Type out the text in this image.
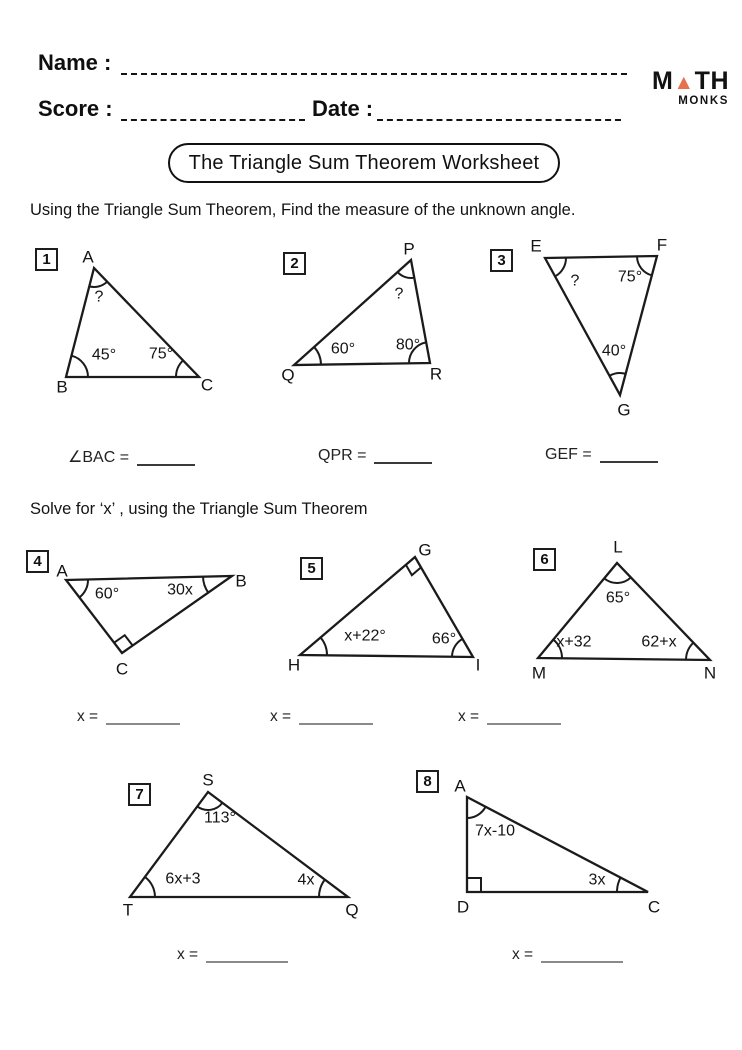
Name :
Score :	Date :
M▲TH
MONKS
The Triangle Sum Theorem Worksheet
Using the Triangle Sum Theorem, Find the measure of the unknown angle.
Solve for ‘x’ , using the Triangle Sum Theorem
A
B	C
?
45° 75°
P
Q	R
?
60°	80°
E	F
G
? 75°
40°
A
B
C
60°	30x
G
H	I
x+22°	66°
L
M	N
65°
x+32	62+x
S
T	Q
113°
6x+3	4x
A
D	C
7x-10
3x
1	2	3
4	5
6
7
8
∠BAC =	QPR =	GEF =
x =	x =	x =
x =	x =
